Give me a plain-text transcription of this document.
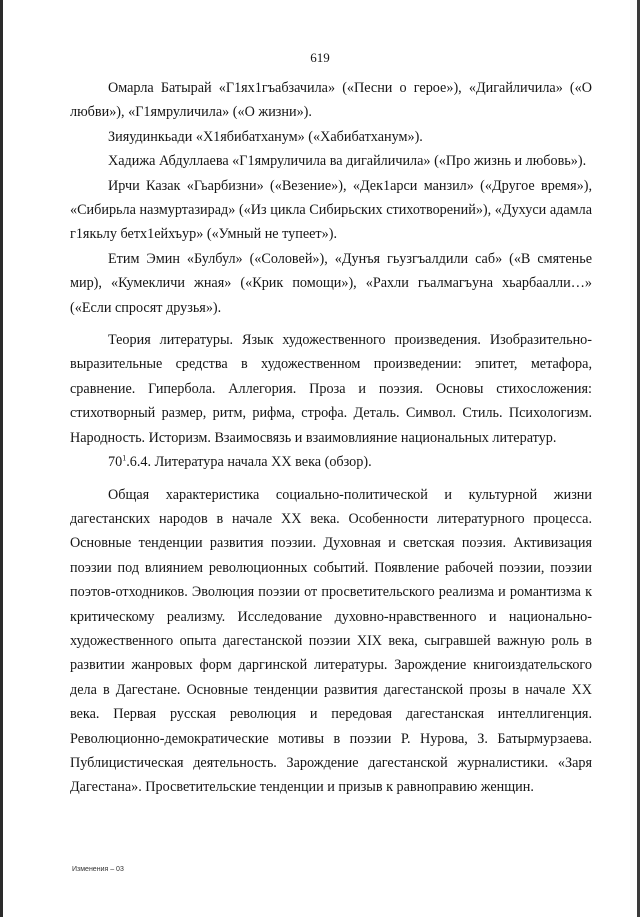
619

Омарла Батырай «Г1ях1гъабзачила» («Песни о герое»), «Дигайличила» («О любви»), «Г1ямруличила» («О жизни»).

Зияудинкьади «Х1ябибатханум» («Хабибатханум»).

Хадижа Абдуллаева «Г1ямруличила ва дигайличила» («Про жизнь и любовь»).

Ирчи Казак «Гьарбизни» («Везение»), «Дек1арси манзил» («Другое время»), «Сибирьла назмуртазирад» («Из цикла Сибирьских стихотворений»), «Духуси адамла г1якьлу бетх1ейхъур» («Умный не тупеет»).

Етим Эмин «Булбул» («Соловей»), «Дунъя гьузгъалдили саб» («В смятенье мир), «Кумекличи жная» («Крик помощи»), «Рахли гьалмагъуна хьарбаалли…» («Если спросят друзья»).

Теория литературы. Язык художественного произведения. Изобразительно-выразительные средства в художественном произведении: эпитет, метафора, сравнение. Гипербола. Аллегория. Проза и поэзия. Основы стихосложения: стихотворный размер, ритм, рифма, строфа. Деталь. Символ. Стиль. Психологизм. Народность. Историзм. Взаимосвязь и взаимовлияние национальных литератур.

$70^1.6.4$. Литература начала XX века (обзор).

Общая характеристика социально-политической и культурной жизни дагестанских народов в начале XX века. Особенности литературного процесса. Основные тенденции развития поэзии. Духовная и светская поэзия. Активизация поэзии под влиянием революционных событий. Появление рабочей поэзии, поэзии поэтов-отходников. Эволюция поэзии от просветительского реализма и романтизма к критическому реализму. Исследование духовно-нравственного и национально-художественного опыта дагестанской поэзии XIX века, сыгравшей важную роль в развитии жанровых форм даргинской литературы. Зарождение книгоиздательского дела в Дагестане. Основные тенденции развития дагестанской прозы в начале XX века. Первая русская революция и передовая дагестанская интеллигенция. Революционно-демократические мотивы в поэзии Р. Нурова, З. Батырмурзаева. Публицистическая деятельность. Зарождение дагестанской журналистики. «Заря Дагестана». Просветительские тенденции и призыв к равноправию женщин.

Изменения – 03
